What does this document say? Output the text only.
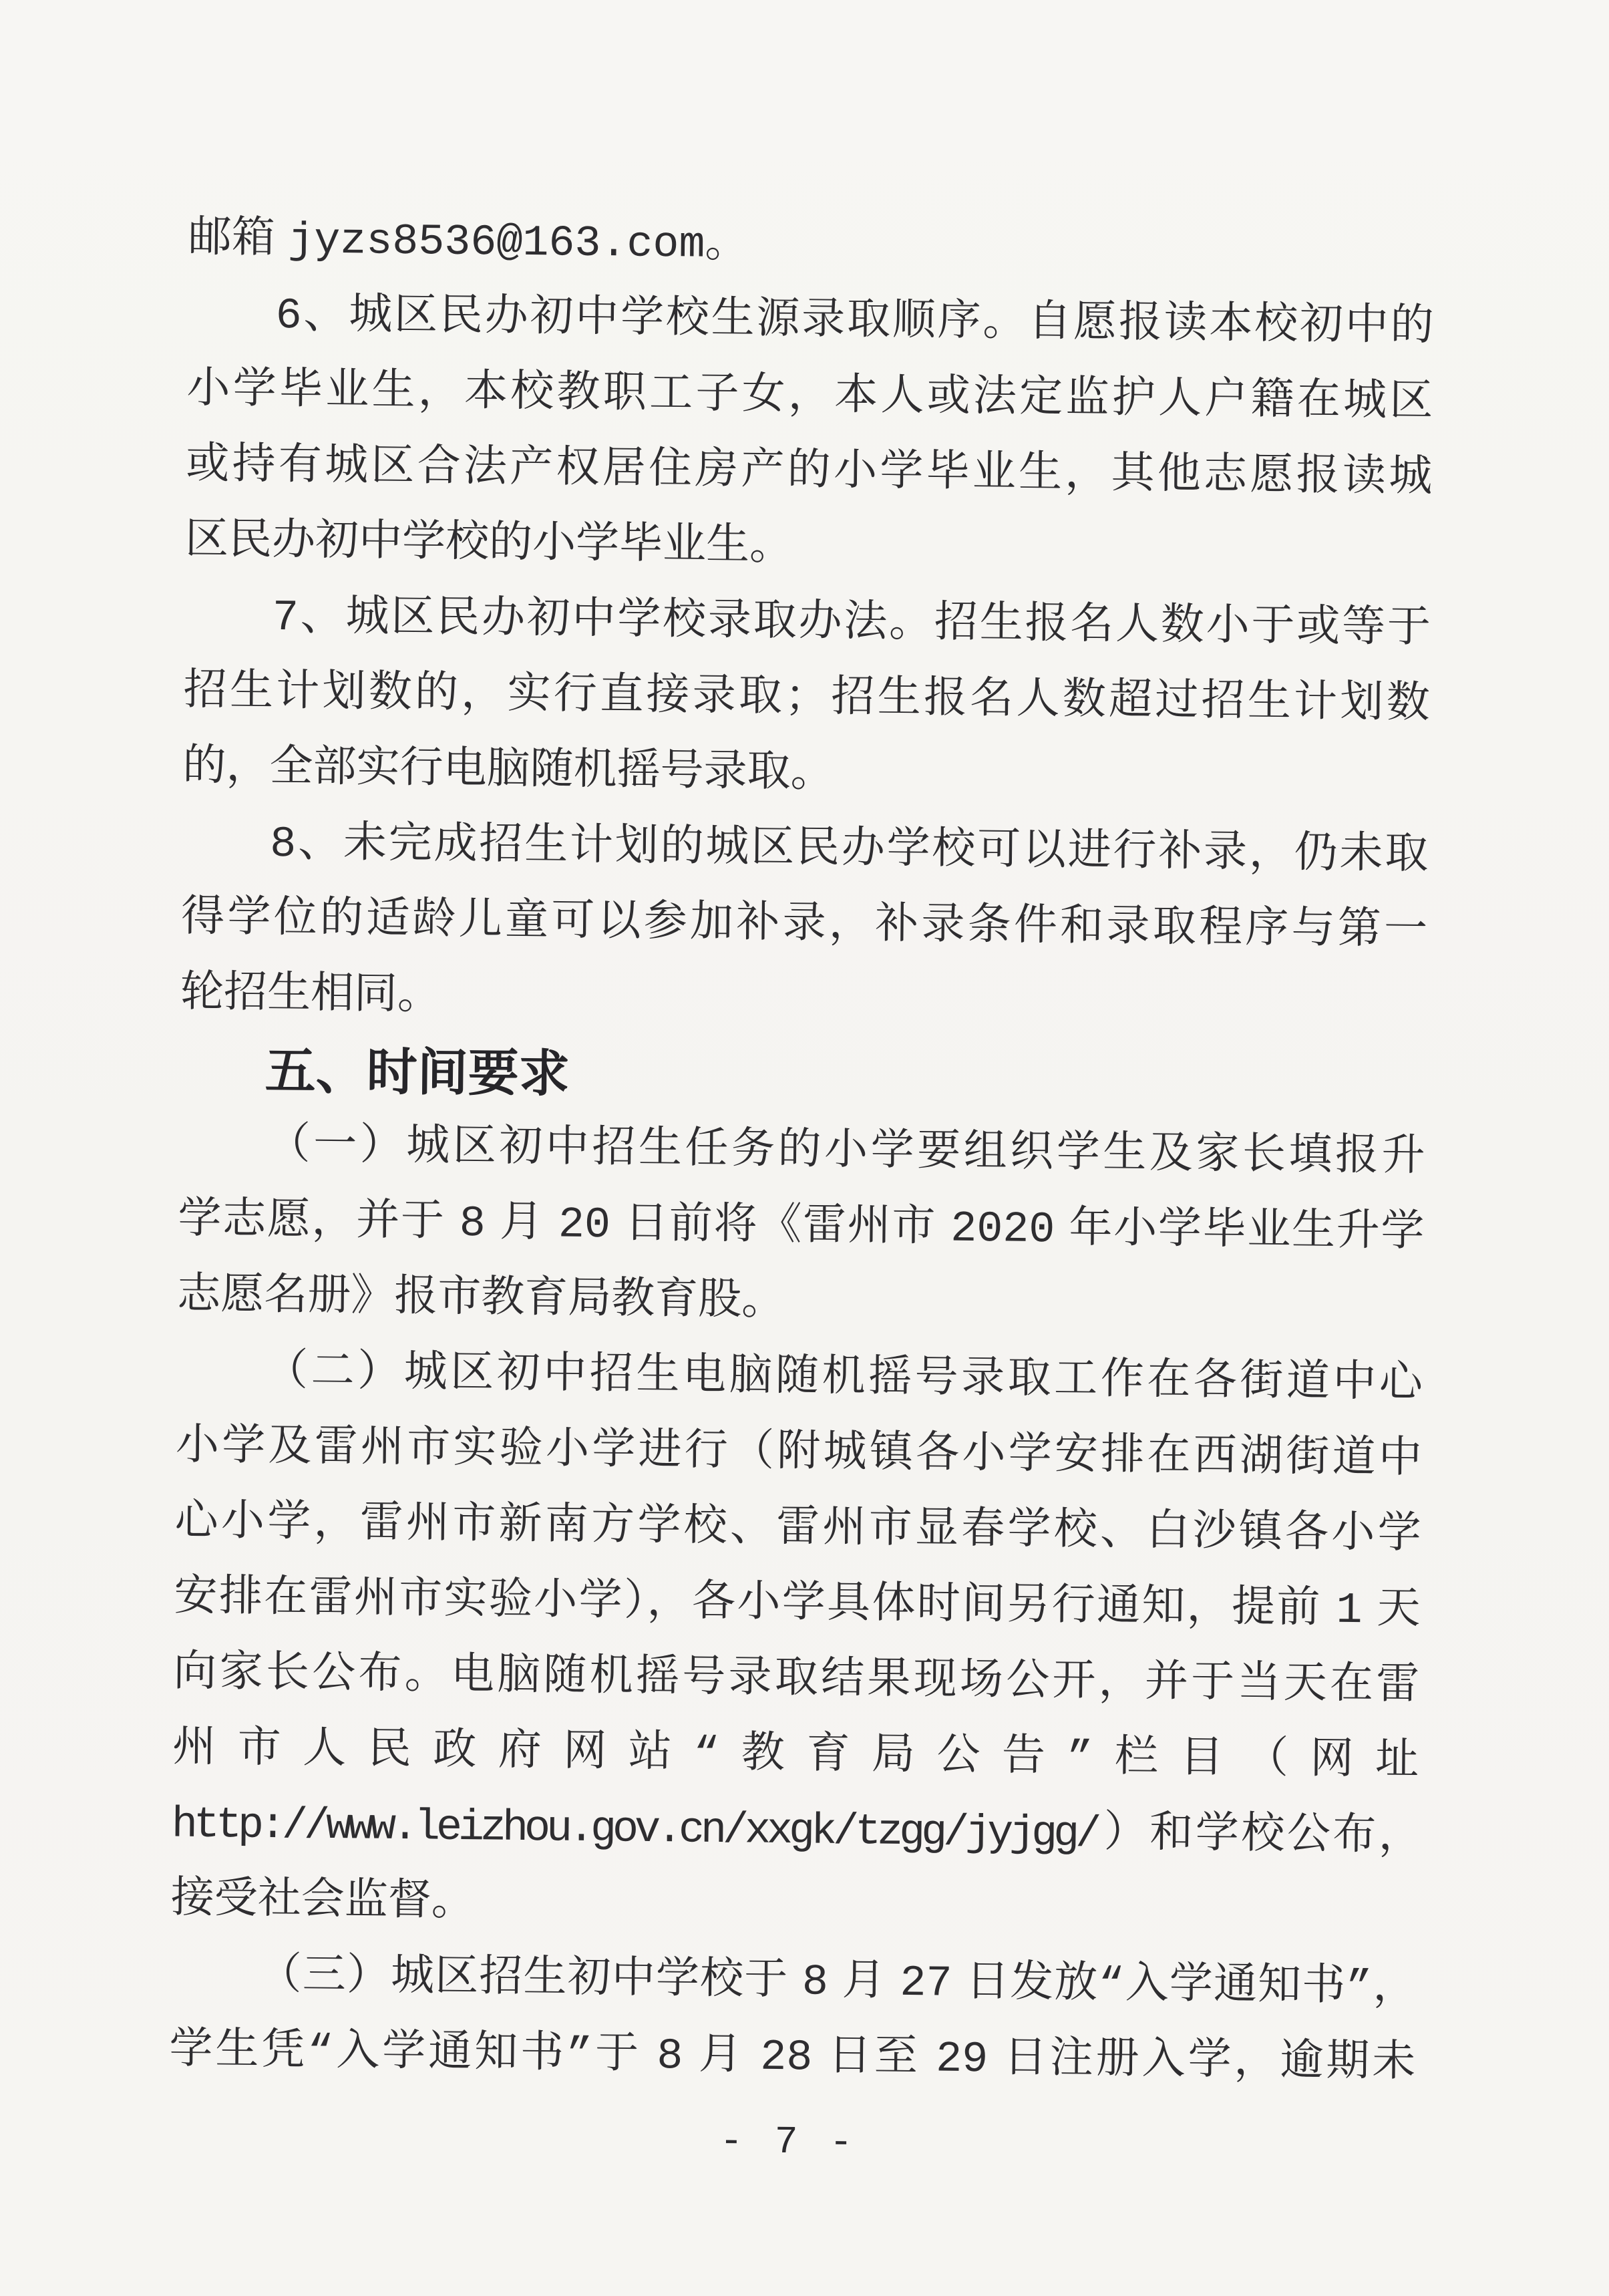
邮箱 jyzs8536@163.com。
6、城区民办初中学校生源录取顺序。自愿报读本校初中的
小学毕业生，本校教职工子女，本人或法定监护人户籍在城区
或持有城区合法产权居住房产的小学毕业生，其他志愿报读城
区民办初中学校的小学毕业生。
7、城区民办初中学校录取办法。招生报名人数小于或等于
招生计划数的，实行直接录取；招生报名人数超过招生计划数
的，全部实行电脑随机摇号录取。
8、未完成招生计划的城区民办学校可以进行补录，仍未取
得学位的适龄儿童可以参加补录，补录条件和录取程序与第一
轮招生相同。
五、时间要求
（一）城区初中招生任务的小学要组织学生及家长填报升
学志愿，并于 8 月 20 日前将《雷州市 2020 年小学毕业生升学
志愿名册》报市教育局教育股。
（二）城区初中招生电脑随机摇号录取工作在各街道中心
小学及雷州市实验小学进行（附城镇各小学安排在西湖街道中
心小学，雷州市新南方学校、雷州市显春学校、白沙镇各小学
安排在雷州市实验小学），各小学具体时间另行通知，提前 1 天
向家长公布。电脑随机摇号录取结果现场公开，并于当天在雷
州市人民政府网站“教育局公告”栏目（网址
http://www.leizhou.gov.cn/xxgk/tzgg/jyjgg/）和学校公布，
接受社会监督。
（三）城区招生初中学校于 8 月 27 日发放“入学通知书”，
学生凭“入学通知书”于 8 月 28 日至 29 日注册入学，逾期未
- 7 -
